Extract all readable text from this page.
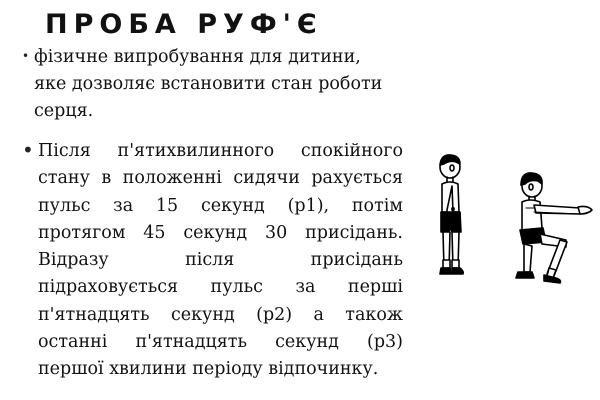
ПРОБА РУФ'Є
• фізичне випробування для дитини, яке дозволяє встановити стан роботи серця.
• Після п'ятихвилинного спокійного стану в положенні сидячи рахується пульс за 15 секунд (p1), потім протягом 45 секунд 30 присідань. Відразу після присідань підраховується пульс за перші п'ятнадцять секунд (p2) а також останні п'ятнадцять секунд (p3) першої хвилини періоду відпочинку.
